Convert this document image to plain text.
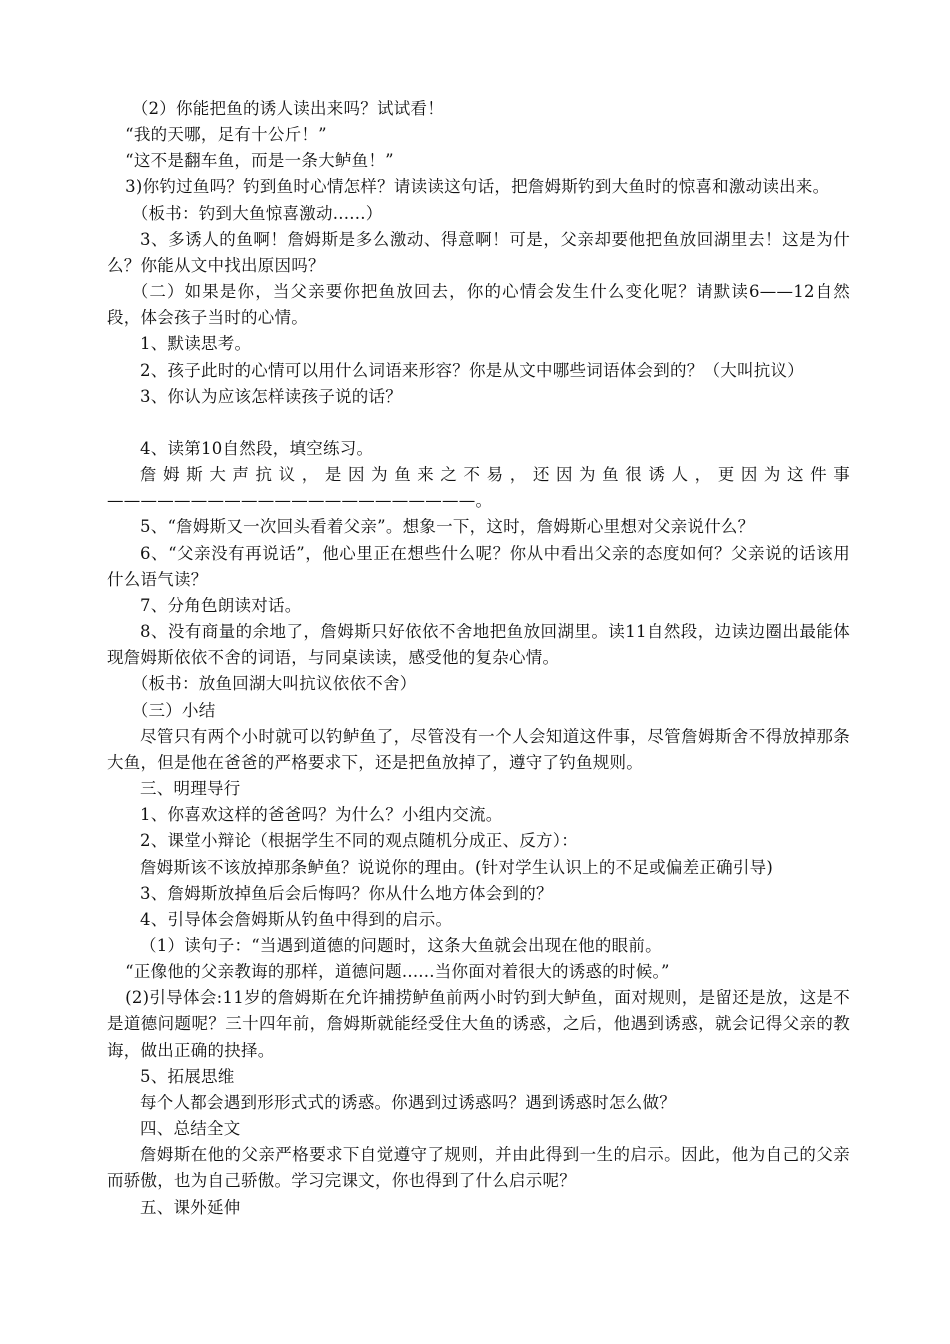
（2）你能把鱼的诱人读出来吗？试试看！

“我的天哪，足有十公斤！”

“这不是翻车鱼，而是一条大鲈鱼！”

3)你钓过鱼吗？钓到鱼时心情怎样？请读读这句话，把詹姆斯钓到大鱼时的惊喜和激动读出来。

（板书：钓到大鱼惊喜激动......）

3、多诱人的鱼啊！詹姆斯是多么激动、得意啊！可是，父亲却要他把鱼放回湖里去！这是为什么？你能从文中找出原因吗？

（二）如果是你，当父亲要你把鱼放回去，你的心情会发生什么变化呢？请默读6——12自然段，体会孩子当时的心情。

1、默读思考。

2、孩子此时的心情可以用什么词语来形容？你是从文中哪些词语体会到的？（大叫抗议）

3、你认为应该怎样读孩子说的话？

4、读第10自然段，填空练习。

詹姆斯大声抗议，是因为鱼来之不易，还因为鱼很诱人，更因为这件事——————————————————————。

5、“詹姆斯又一次回头看着父亲”。想象一下，这时，詹姆斯心里想对父亲说什么？

6、“父亲没有再说话”，他心里正在想些什么呢？你从中看出父亲的态度如何？父亲说的话该用什么语气读？

7、分角色朗读对话。

8、没有商量的余地了，詹姆斯只好依依不舍地把鱼放回湖里。读11自然段，边读边圈出最能体现詹姆斯依依不舍的词语，与同桌读读，感受他的复杂心情。

（板书：放鱼回湖大叫抗议依依不舍）

（三）小结

尽管只有两个小时就可以钓鲈鱼了，尽管没有一个人会知道这件事，尽管詹姆斯舍不得放掉那条大鱼，但是他在爸爸的严格要求下，还是把鱼放掉了，遵守了钓鱼规则。

三、明理导行

1、你喜欢这样的爸爸吗？为什么？小组内交流。

2、课堂小辩论（根据学生不同的观点随机分成正、反方）：

詹姆斯该不该放掉那条鲈鱼？说说你的理由。(针对学生认识上的不足或偏差正确引导)

3、詹姆斯放掉鱼后会后悔吗？你从什么地方体会到的？

4、引导体会詹姆斯从钓鱼中得到的启示。

（1）读句子：“当遇到道德的问题时，这条大鱼就会出现在他的眼前。

“正像他的父亲教诲的那样，道德问题......当你面对着很大的诱惑的时候。”

(2)引导体会:11岁的詹姆斯在允许捕捞鲈鱼前两小时钓到大鲈鱼，面对规则，是留还是放，这是不是道德问题呢？三十四年前，詹姆斯就能经受住大鱼的诱惑，之后，他遇到诱惑，就会记得父亲的教诲，做出正确的抉择。

5、拓展思维

每个人都会遇到形形式式的诱惑。你遇到过诱惑吗？遇到诱惑时怎么做？

四、总结全文

詹姆斯在他的父亲严格要求下自觉遵守了规则，并由此得到一生的启示。因此，他为自己的父亲而骄傲，也为自己骄傲。学习完课文，你也得到了什么启示呢？

五、课外延伸
